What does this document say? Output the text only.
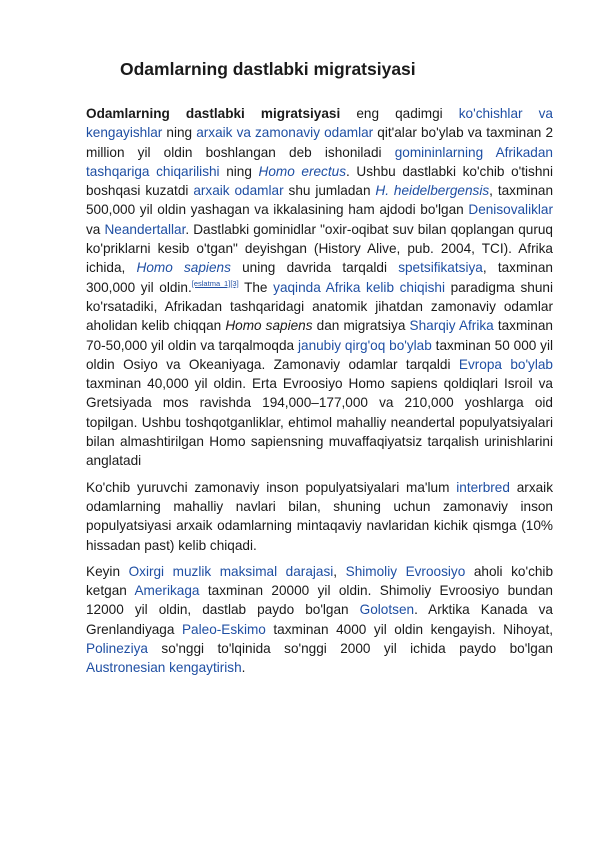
Odamlarning dastlabki migratsiyasi

Odamlarning dastlabki migratsiyasi eng qadimgi ko'chishlar va kengayishlar ning arxaik va zamonaviy odamlar qit'alar bo'ylab va taxminan 2 million yil oldin boshlangan deb ishoniladi gomininlarning Afrikadan tashqariga chiqarilishi ning Homo erectus. Ushbu dastlabki ko'chib o'tishni boshqasi kuzatdi arxaik odamlar shu jumladan H. heidelbergensis, taxminan 500,000 yil oldin yashagan va ikkalasining ham ajdodi bo'lgan Denisovaliklar va Neandertallar. Dastlabki gominidlar "oxir-oqibat suv bilan qoplangan quruq ko'priklarni kesib o'tgan" deyishgan (History Alive, pub. 2004, TCI). Afrika ichida, Homo sapiens uning davrida tarqaldi spetsifikatsiya, taxminan 300,000 yil oldin.[eslatma 1][3] The yaqinda Afrika kelib chiqishi paradigma shuni ko'rsatadiki, Afrikadan tashqaridagi anatomik jihatdan zamonaviy odamlar aholidan kelib chiqqan Homo sapiens dan migratsiya Sharqiy Afrika taxminan 70-50,000 yil oldin va tarqalmoqda janubiy qirg'oq bo'ylab taxminan 50 000 yil oldin Osiyo va Okeaniyaga. Zamonaviy odamlar tarqaldi Evropa bo'ylab taxminan 40,000 yil oldin. Erta Evroosiyo Homo sapiens qoldiqlari Isroil va Gretsiyada mos ravishda 194,000–177,000 va 210,000 yoshlarga oid topilgan. Ushbu toshqotganliklar, ehtimol mahalliy neandertal populyatsiyalari bilan almashtirilgan Homo sapiensning muvaffaqiyatsiz tarqalish urinishlarini anglatadi

Ko'chib yuruvchi zamonaviy inson populyatsiyalari ma'lum interbred arxaik odamlarning mahalliy navlari bilan, shuning uchun zamonaviy inson populyatsiyasi arxaik odamlarning mintaqaviy navlaridan kichik qismga (10% hissadan past) kelib chiqadi.

Keyin Oxirgi muzlik maksimal darajasi, Shimoliy Evroosiyo aholi ko'chib ketgan Amerikaga taxminan 20000 yil oldin. Shimoliy Evroosiyo bundan 12000 yil oldin, dastlab paydo bo'lgan Golotsen. Arktika Kanada va Grenlandiyaga Paleo-Eskimo taxminan 4000 yil oldin kengayish. Nihoyat, Polineziya so'nggi to'lqinida so'nggi 2000 yil ichida paydo bo'lgan Austronesian kengaytirish.
